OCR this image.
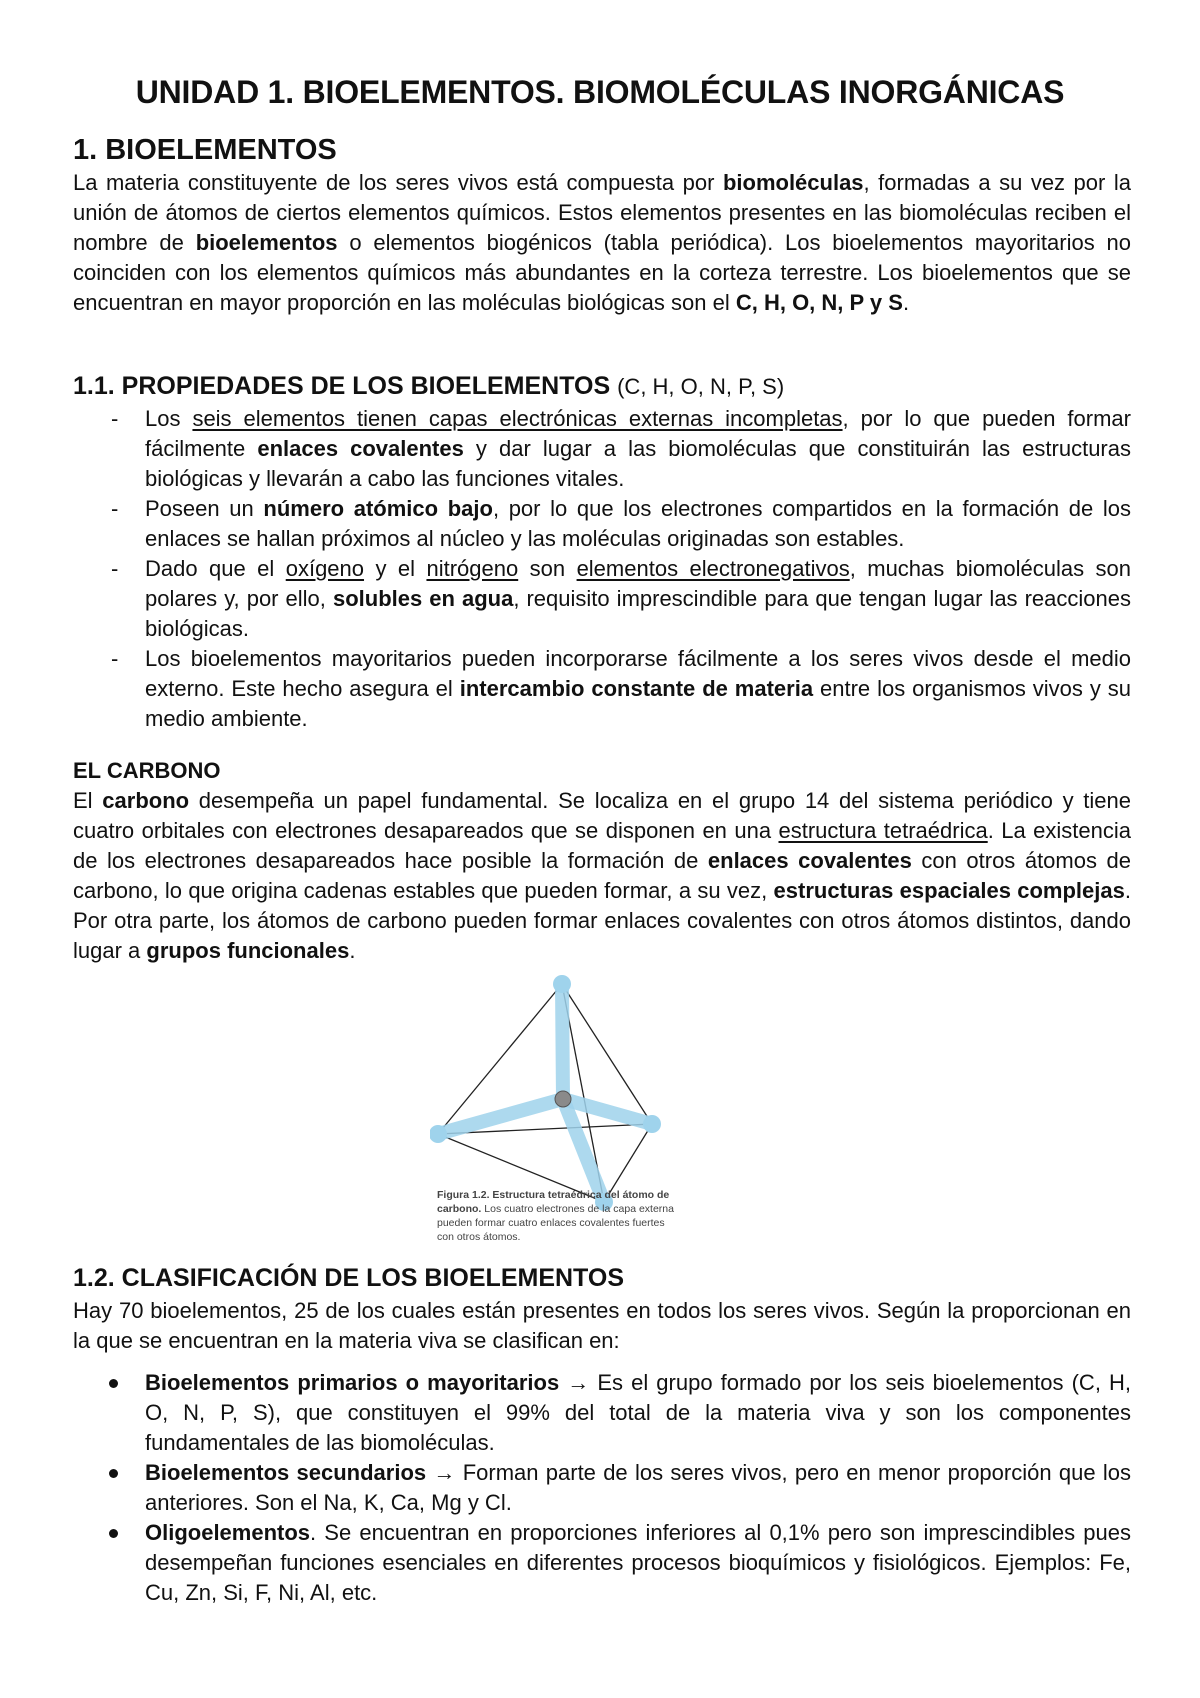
UNIDAD 1. BIOELEMENTOS. BIOMOLÉCULAS INORGÁNICAS
1. BIOELEMENTOS
La materia constituyente de los seres vivos está compuesta por biomoléculas, formadas a su vez por la unión de átomos de ciertos elementos químicos. Estos elementos presentes en las biomoléculas reciben el nombre de bioelementos o elementos biogénicos (tabla periódica). Los bioelementos mayoritarios no coinciden con los elementos químicos más abundantes en la corteza terrestre. Los bioelementos que se encuentran en mayor proporción en las moléculas biológicas son el C, H, O, N, P y S.
1.1. PROPIEDADES DE LOS BIOELEMENTOS (C, H, O, N, P, S)
- Los seis elementos tienen capas electrónicas externas incompletas, por lo que pueden formar fácilmente enlaces covalentes y dar lugar a las biomoléculas que constituirán las estructuras biológicas y llevarán a cabo las funciones vitales.
- Poseen un número atómico bajo, por lo que los electrones compartidos en la formación de los enlaces se hallan próximos al núcleo y las moléculas originadas son estables.
- Dado que el oxígeno y el nitrógeno son elementos electronegativos, muchas biomoléculas son polares y, por ello, solubles en agua, requisito imprescindible para que tengan lugar las reacciones biológicas.
- Los bioelementos mayoritarios pueden incorporarse fácilmente a los seres vivos desde el medio externo. Este hecho asegura el intercambio constante de materia entre los organismos vivos y su medio ambiente.
EL CARBONO
El carbono desempeña un papel fundamental. Se localiza en el grupo 14 del sistema periódico y tiene cuatro orbitales con electrones desapareados que se disponen en una estructura tetraédrica. La existencia de los electrones desapareados hace posible la formación de enlaces covalentes con otros átomos de carbono, lo que origina cadenas estables que pueden formar, a su vez, estructuras espaciales complejas. Por otra parte, los átomos de carbono pueden formar enlaces covalentes con otros átomos distintos, dando lugar a grupos funcionales.
Figura 1.2. Estructura tetraédrica del átomo de carbono. Los cuatro electrones de la capa externa pueden formar cuatro enlaces covalentes fuertes con otros átomos.
1.2. CLASIFICACIÓN DE LOS BIOELEMENTOS
Hay 70 bioelementos, 25 de los cuales están presentes en todos los seres vivos. Según la proporcionan en la que se encuentran en la materia viva se clasifican en:
Bioelementos primarios o mayoritarios → Es el grupo formado por los seis bioelementos (C, H, O, N, P, S), que constituyen el 99% del total de la materia viva y son los componentes fundamentales de las biomoléculas.
Bioelementos secundarios → Forman parte de los seres vivos, pero en menor proporción que los anteriores. Son el Na, K, Ca, Mg y Cl.
Oligoelementos. Se encuentran en proporciones inferiores al 0,1% pero son imprescindibles pues desempeñan funciones esenciales en diferentes procesos bioquímicos y fisiológicos. Ejemplos: Fe, Cu, Zn, Si, F, Ni, Al, etc.
